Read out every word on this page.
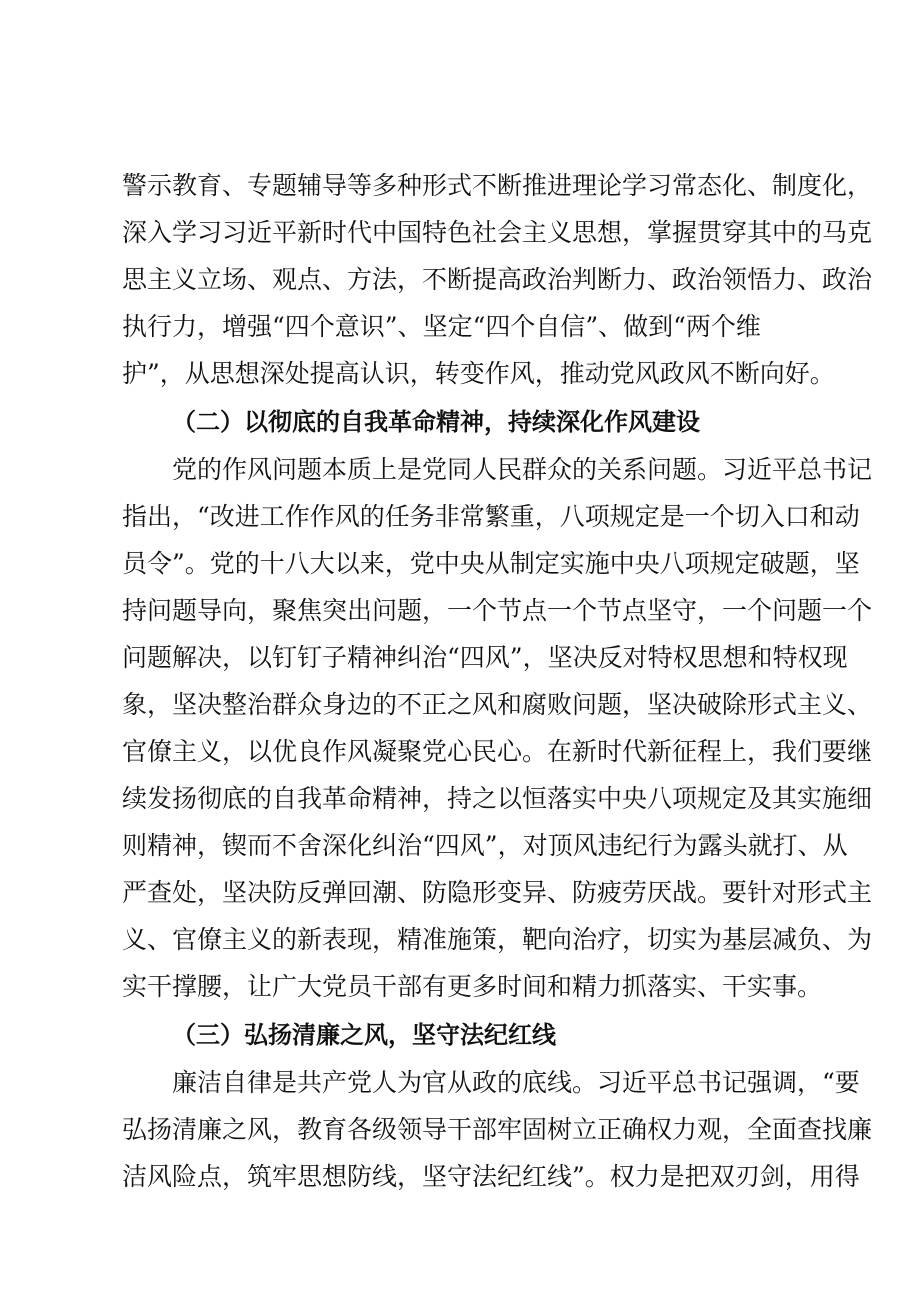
警示教育、专题辅导等多种形式不断推进理论学习常态化、制度化，
深入学习习近平新时代中国特色社会主义思想，掌握贯穿其中的马克
思主义立场、观点、方法，不断提高政治判断力、政治领悟力、政治
执行力，增强“四个意识”、坚定“四个自信”、做到“两个维
护”，从思想深处提高认识，转变作风，推动党风政风不断向好。
（二）以彻底的自我革命精神，持续深化作风建设
党的作风问题本质上是党同人民群众的关系问题。习近平总书记
指出，“改进工作作风的任务非常繁重，八项规定是一个切入口和动
员令”。党的十八大以来，党中央从制定实施中央八项规定破题，坚
持问题导向，聚焦突出问题，一个节点一个节点坚守，一个问题一个
问题解决，以钉钉子精神纠治“四风”，坚决反对特权思想和特权现
象，坚决整治群众身边的不正之风和腐败问题，坚决破除形式主义、
官僚主义，以优良作风凝聚党心民心。在新时代新征程上，我们要继
续发扬彻底的自我革命精神，持之以恒落实中央八项规定及其实施细
则精神，锲而不舍深化纠治“四风”，对顶风违纪行为露头就打、从
严查处，坚决防反弹回潮、防隐形变异、防疲劳厌战。要针对形式主
义、官僚主义的新表现，精准施策，靶向治疗，切实为基层减负、为
实干撑腰，让广大党员干部有更多时间和精力抓落实、干实事。
（三）弘扬清廉之风，坚守法纪红线
廉洁自律是共产党人为官从政的底线。习近平总书记强调，“要
弘扬清廉之风，教育各级领导干部牢固树立正确权力观，全面查找廉
洁风险点，筑牢思想防线，坚守法纪红线”。权力是把双刃剑，用得
